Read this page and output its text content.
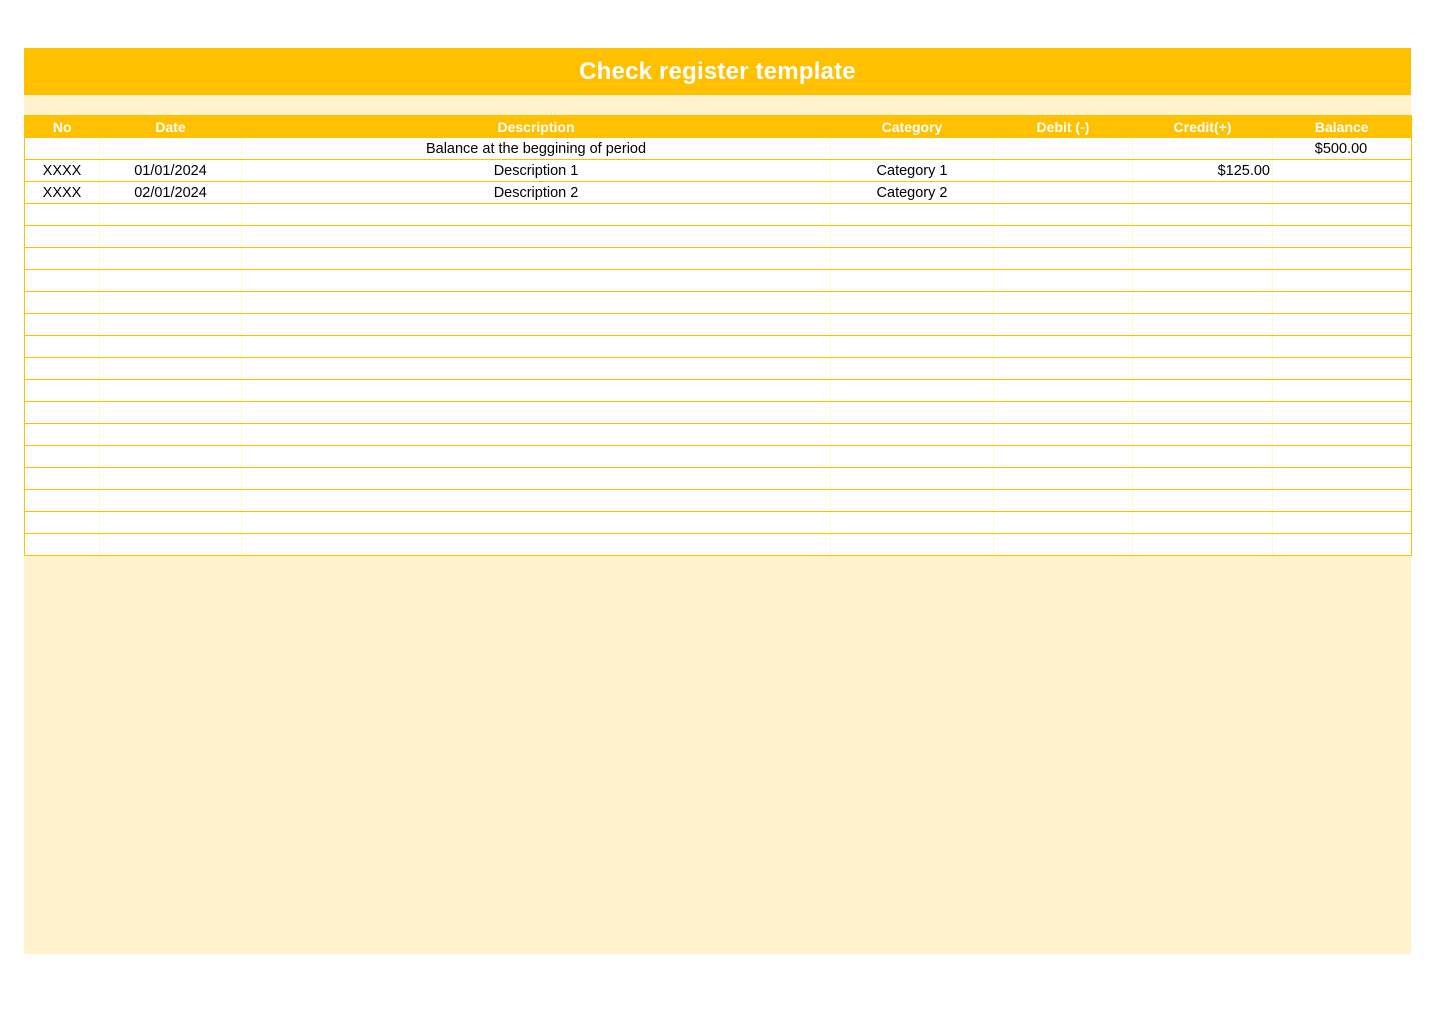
Check register template
No	Date	Description	Category	Debit (-)	Credit(+)	Balance
		Balance at the beggining of period				$500.00
XXXX	01/01/2024	Description 1	Category 1		$125.00	
XXXX	02/01/2024	Description 2	Category 2			
